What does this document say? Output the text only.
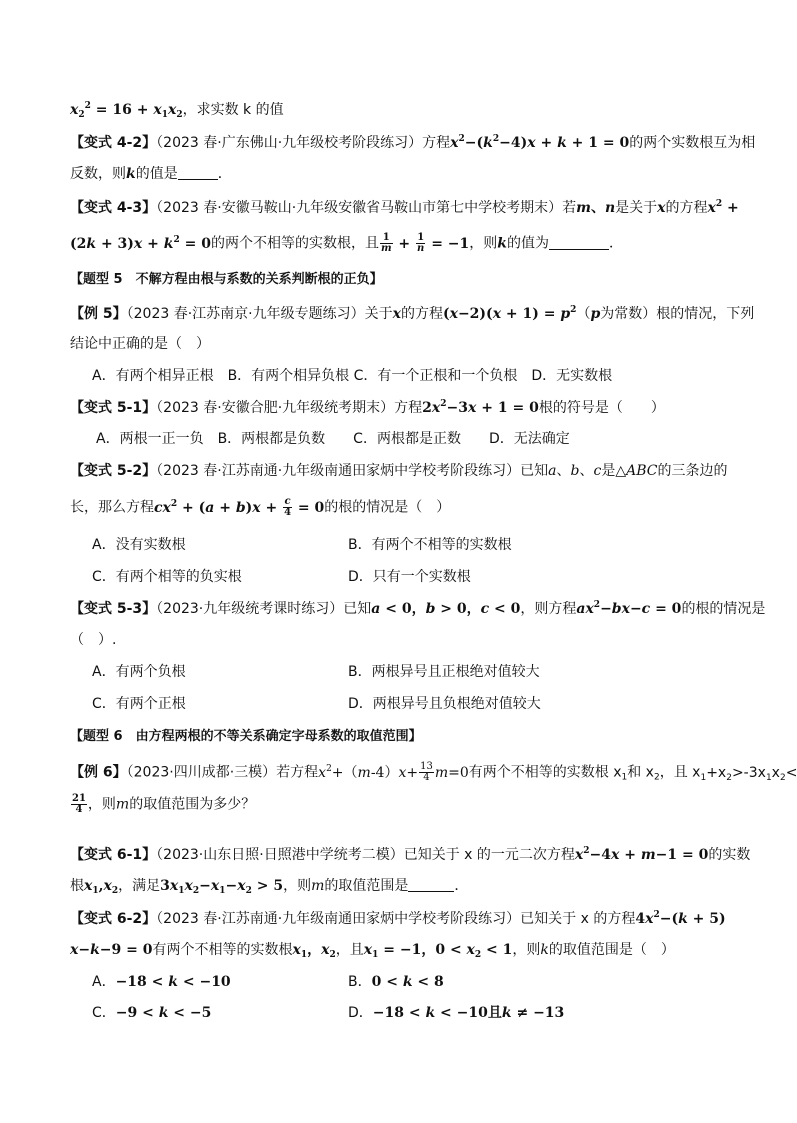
$x_2^2 = 16 + x_1x_2$，求实数 k 的值
【变式 4-2】（2023 春·广东佛山·九年级校考阶段练习）方程$x^2-(k^2-4)x + k + 1 = 0$的两个实数根互为相
反数，则k的值是	．
【变式 4-3】（2023 春·安徽马鞍山·九年级安徽省马鞍山市第七中学校考期末）若m、n是关于x的方程$x^2$ +
$(2k + 3)x + k^2 = 0$的两个不相等的实数根，且 $\frac{1}{m} + \frac{1}{n} = -1$，则k的值为	．
【题型 5　不解方程由根与系数的关系判断根的正负】
【例 5】（2023 春·江苏南京·九年级专题练习）关于x的方程$(x-2)(x + 1) = p^2(p$为常数）根的情况，下列
结论中正确的是（　）
A．有两个相异正根　B．有两个相异负根 C．有一个正根和一个负根　D．无实数根
【变式 5-1】（2023 春·安徽合肥·九年级统考期末）方程$2x^2-3x + 1 = 0$根的符号是（　　）
A．两根一正一负　B．两根都是负数　　C．两根都是正数　　D．无法确定
【变式 5-2】（2023 春·江苏南通·九年级南通田家炳中学校考阶段练习）已知a、b、c是△ABC的三条边的
长，那么方程$cx^2 + (a + b)x + \frac{c}{4} = 0$的根的情况是（　）
A．没有实数根	B．有两个不相等的实数根
C．有两个相等的负实根	D．只有一个实数根
【变式 5-3】（2023·九年级统考课时练习）已知a < 0，b > 0，c < 0，则方程$ax^2-bx-c = 0$的根的情况是
（　）.
A．有两个负根	B．两根异号且正根绝对值较大
C．有两个正根	D．两根异号且负根绝对值较大
【题型 6　由方程两根的不等关系确定字母系数的取值范围】
【例 6】（2023·四川成都·三模）若方程$x^2+(m-4)x+ \frac{13}{4} m=0$有两个不相等的实数根 $x_1$和 $x_2$，且 $x_1+x_2>-3x_1x_2<$
$\frac{21}{4}$ ，则m的取值范围为多少？
【变式 6-1】（2023·山东日照·日照港中学统考二模）已知关于 x 的一元二次方程$x^2-4x + m-1 = 0$的实数
根$x_1,x_2$，满足$3x_1x_2-x_1-x_2 > 5$，则m的取值范围是	．
【变式 6-2】（2023 春·江苏南通·九年级南通田家炳中学校考阶段练习）已知关于 x 的方程$4x^2-(k + 5)$
x−k−9 = 0有两个不相等的实数根$x_1$，$x_2$，且$x_1 = -1$，$0 < x_2 < 1$，则k的取值范围是（　）
A．−18 < k < −10	B．0 < k < 8
C．−9 < k < −5	D．−18 < k < −10且k ≠ −13
